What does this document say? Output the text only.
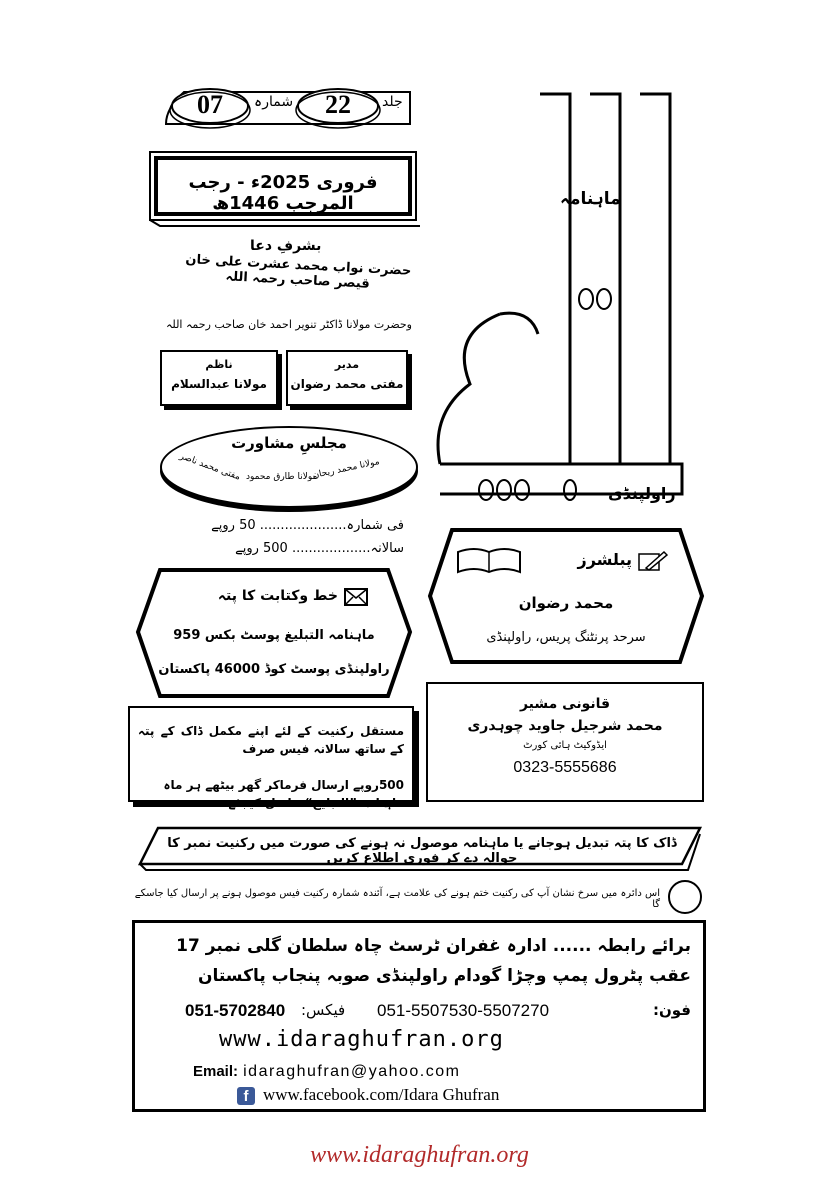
07	شمارہ	22	جلد
فروری 2025ء - رجب المرجب 1446ھ	ماہنامہ
راولپنڈی
بشرفِ دعا
حضرت نواب محمد عشرت علی خان قیصر صاحب رحمہ اللہ
وحضرت مولانا ڈاکٹر تنویر احمد خان صاحب رحمہ اللہ
ناظم
مولانا عبدالسلام
مدیر
مفتی محمد رضوان
مجلسِ مشاورت
مفتی محمد ناصر مولانا طارق محمود
مولانا محمد ریحان
فی شمارہ..................... 50 روپے
سالانہ................... 500 روپے
خط وکتابت کا پتہ
ماہنامہ التبلیغ پوسٹ بکس 959
راولپنڈی پوسٹ کوڈ 46000 پاکستان
پبلشرز
محمد رضوان
سرحد پرنٹنگ پریس، راولپنڈی
قانونی مشیر
محمد شرجیل جاوید چوہدری
ایڈوکیٹ ہائی کورٹ
0323-5555686
مستقل رکنیت کے لئے اپنے مکمل ڈاک کے پتہ کے ساتھ سالانہ فیس صرف
500روپے ارسال فرماکر گھر بیٹھے ہر ماہ ماہنامہ ”التبلیغ“ حاصل کیجئے
ڈاک کا پتہ تبدیل ہوجانے یا ماہنامہ موصول نہ ہونے کی صورت میں رکنیت نمبر کا حوالہ دے کر فوری اطلاع کریں
اس دائرہ میں سرخ نشان آپ کی رکنیت ختم ہونے کی علامت ہے، آئندہ شمارہ رکنیت فیس موصول ہونے پر ارسال کیا جاسکے گا
برائے رابطہ ...... ادارہ غفران ٹرسٹ چاہ سلطان گلی نمبر 17
عقب پٹرول پمپ وچڑا گودام راولپنڈی صوبہ پنجاب پاکستان
فون:
051-5507530-5507270
فیکس:
051-5702840
www.idaraghufran.org
Email: idaraghufran@yahoo.com
f www.facebook.com/Idara Ghufran
www.idaraghufran.org
